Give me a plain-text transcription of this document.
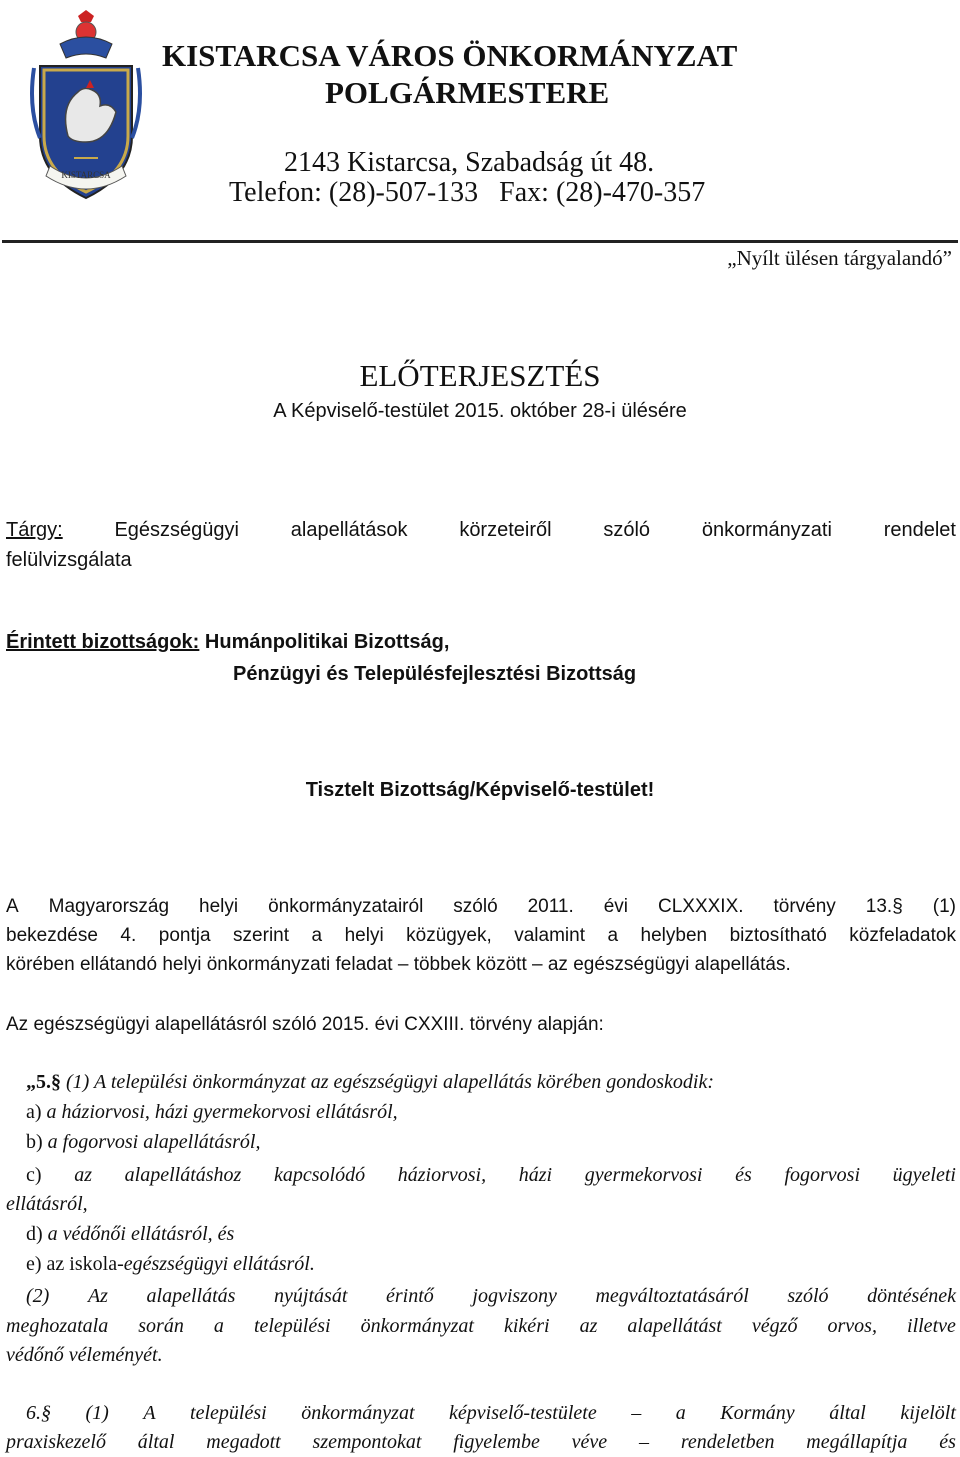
KISTARCSA
KISTARCSA VÁROS ÖNKORMÁNYZAT
POLGÁRMESTERE
2143 Kistarcsa, Szabadság út 48.
Telefon: (28)-507-133   Fax: (28)-470-357
„Nyílt ülésen tárgyalandó”
ELŐTERJESZTÉS
A Képviselő-testület 2015. október 28-i ülésére
Tárgy:	Egészségügyi	alapellátások	körzeteiről	szóló	önkormányzati	rendelet
felülvizsgálata
Érintett bizottságok: Humánpolitikai Bizottság,
Pénzügyi és Településfejlesztési Bizottság
Tisztelt Bizottság/Képviselő-testület!
A Magyarország helyi önkormányzatairól szóló 2011. évi CLXXXIX. törvény 13.§ (1)
bekezdése 4. pontja szerint a helyi közügyek, valamint a helyben biztosítható közfeladatok
körében ellátandó helyi önkormányzati feladat – többek között – az egészségügyi alapellátás.
Az egészségügyi alapellátásról szóló 2015. évi CXXIII. törvény alapján:
„5.§ (1) A települési önkormányzat az egészségügyi alapellátás körében gondoskodik:
a) a háziorvosi, házi gyermekorvosi ellátásról,
b) a fogorvosi alapellátásról,
c) az alapellátáshoz kapcsolódó háziorvosi, házi gyermekorvosi és fogorvosi ügyeleti
ellátásról,
d) a védőnői ellátásról, és
e) az iskola-egészségügyi ellátásról.
(2) Az alapellátás nyújtását érintő jogviszony megváltoztatásáról szóló döntésének
meghozatala során a települési önkormányzat kikéri az alapellátást végző orvos, illetve
védőnő véleményét.
6.§ (1) A települési önkormányzat képviselő-testülete – a Kormány által kijelölt
praxiskezelő által megadott szempontokat figyelembe véve – rendeletben megállapítja és
